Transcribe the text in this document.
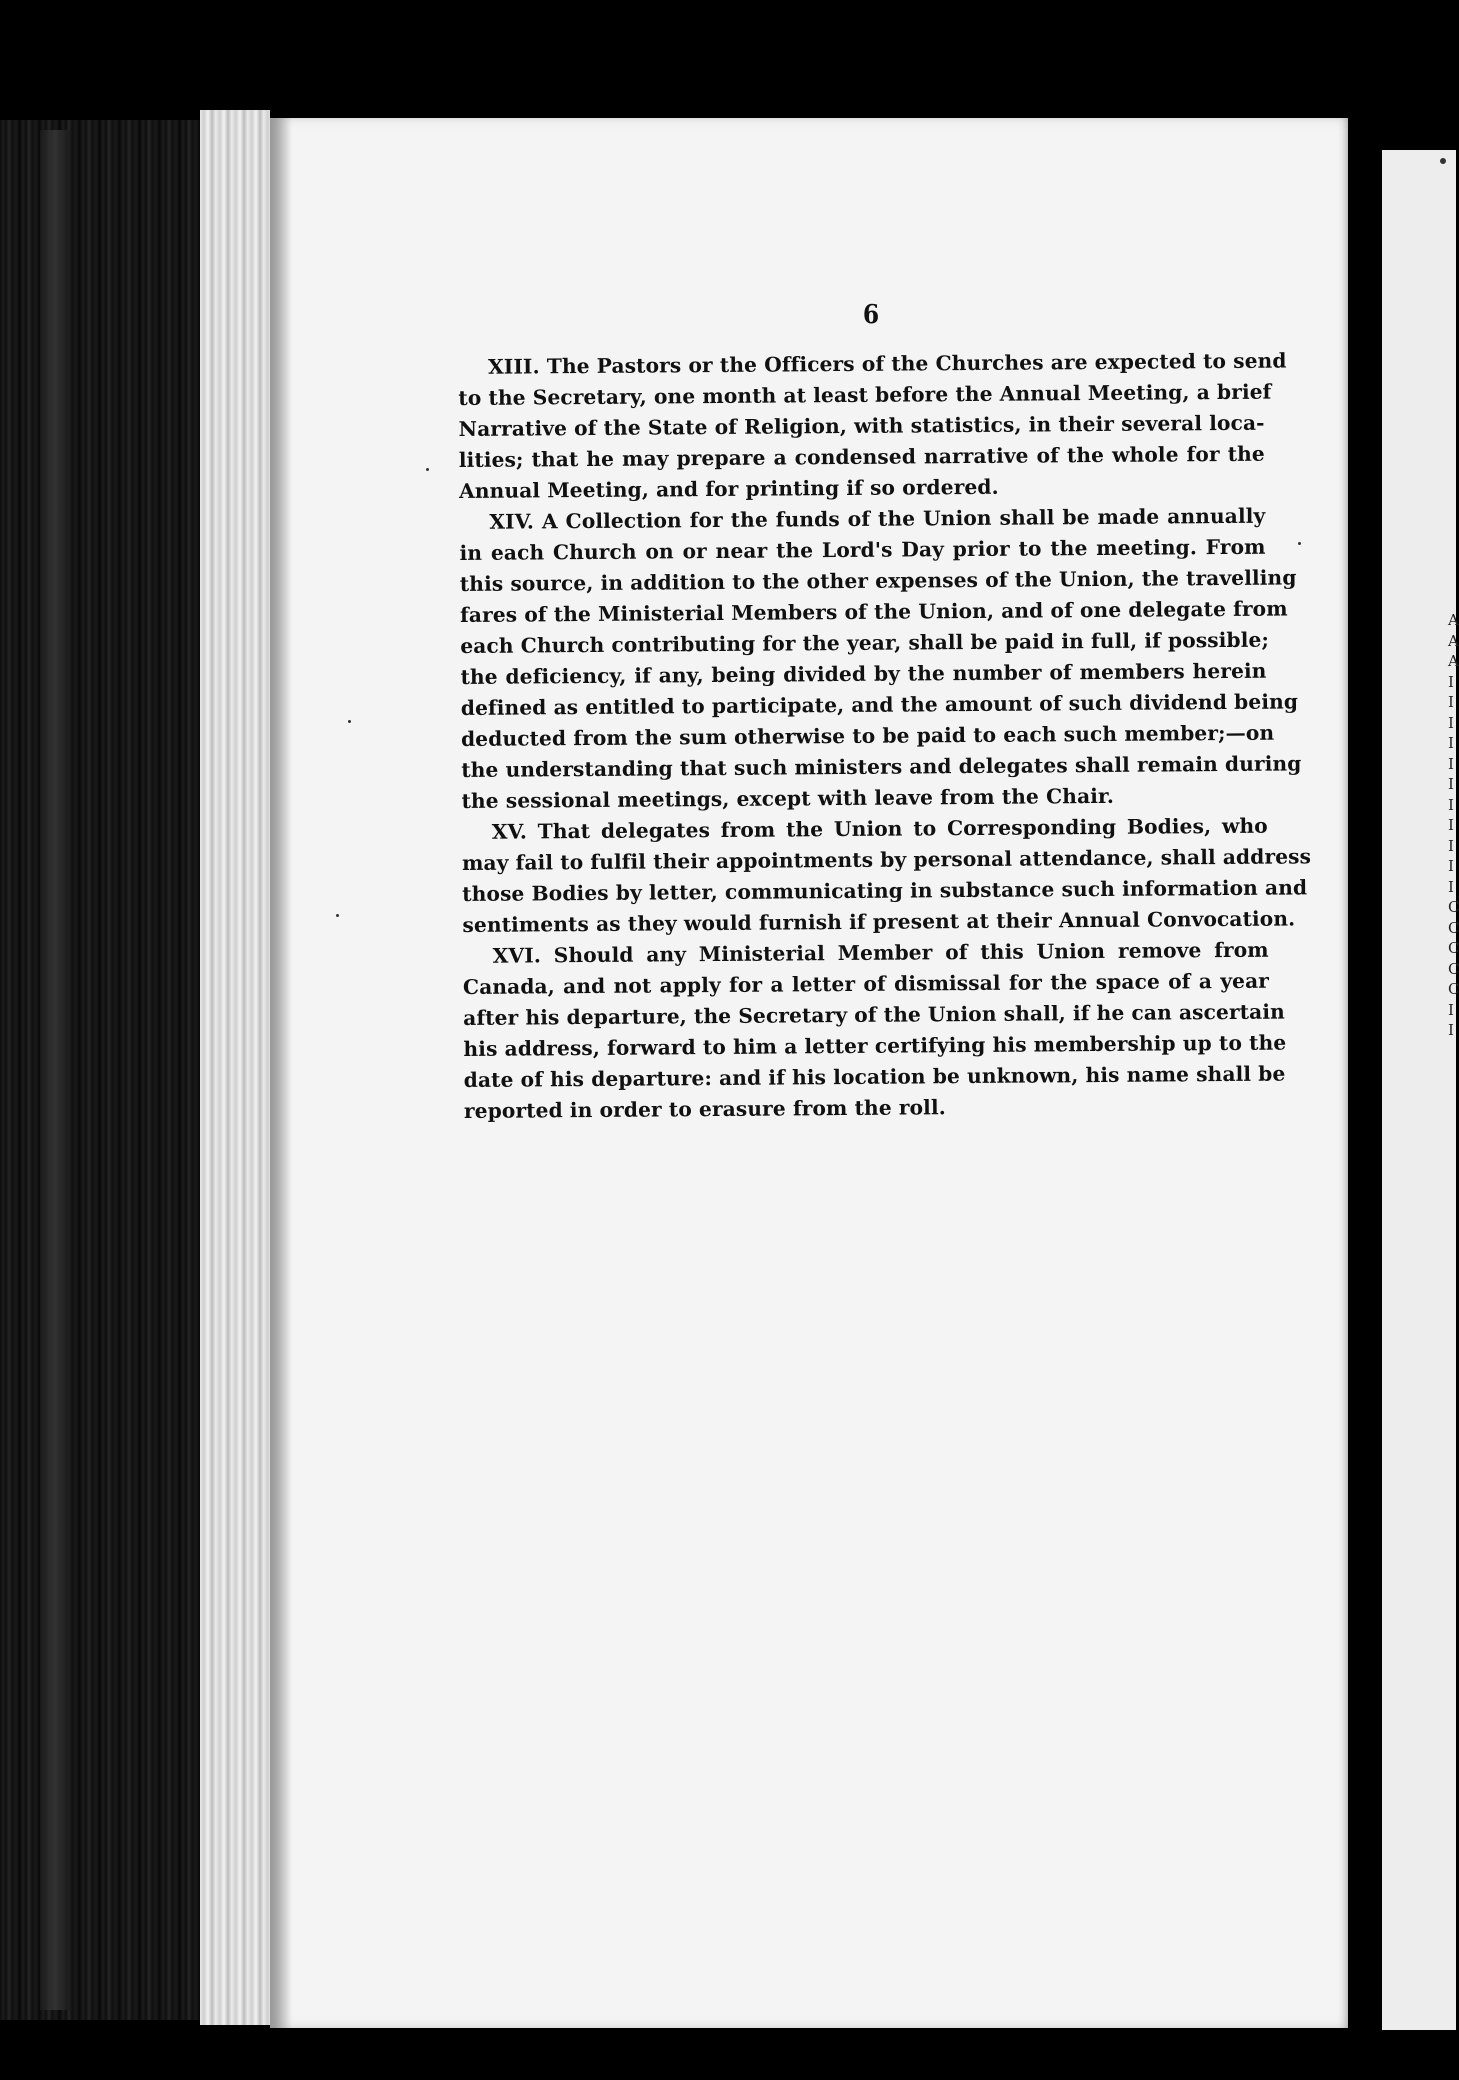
A
A
A
I
I
I
I
I
I
I
I
I
I
I
C
C
C
C
C
I
I
6
XIII. The Pastors or the Officers of the Churches are expected to send
to the Secretary, one month at least before the Annual Meeting, a brief
Narrative of the State of Religion, with statistics, in their several loca-
lities; that he may prepare a condensed narrative of the whole for the
Annual Meeting, and for printing if so ordered.
XIV. A Collection for the funds of the Union shall be made annually
in each Church on or near the Lord's Day prior to the meeting. From
this source, in addition to the other expenses of the Union, the travelling
fares of the Ministerial Members of the Union, and of one delegate from
each Church contributing for the year, shall be paid in full, if possible;
the deficiency, if any, being divided by the number of members herein
defined as entitled to participate, and the amount of such dividend being
deducted from the sum otherwise to be paid to each such member;—on
the understanding that such ministers and delegates shall remain during
the sessional meetings, except with leave from the Chair.
XV. That delegates from the Union to Corresponding Bodies, who
may fail to fulfil their appointments by personal attendance, shall address
those Bodies by letter, communicating in substance such information and
sentiments as they would furnish if present at their Annual Convocation.
XVI. Should any Ministerial Member of this Union remove from
Canada, and not apply for a letter of dismissal for the space of a year
after his departure, the Secretary of the Union shall, if he can ascertain
his address, forward to him a letter certifying his membership up to the
date of his departure: and if his location be unknown, his name shall be
reported in order to erasure from the roll.
